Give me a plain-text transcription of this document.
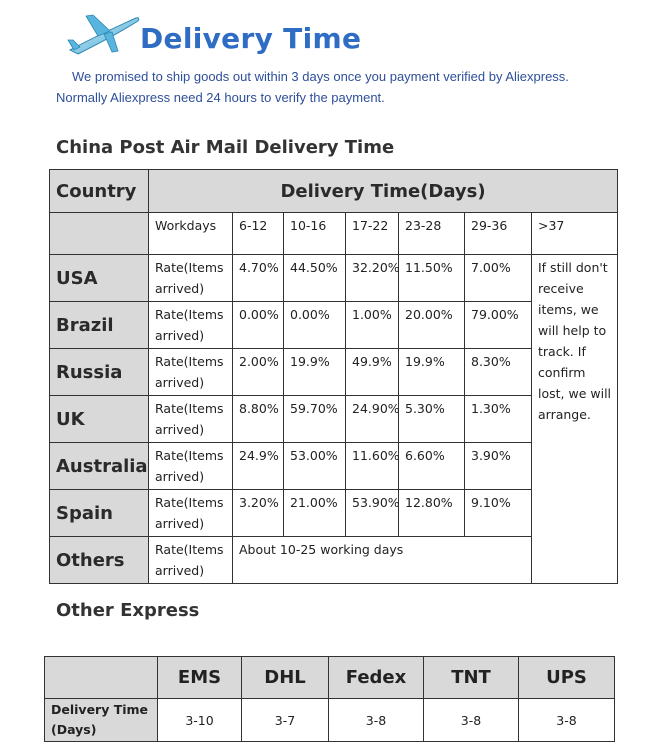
Delivery Time
We promised to ship goods out within 3 days once you payment verified by Aliexpress.
Normally Aliexpress need 24 hours to verify the payment.
China Post Air Mail Delivery Time
Country	Delivery Time(Days)						
	Workdays	6-12	10-16	17-22	23-28	29-36	>37
USA	Rate(Items arrived)	4.70%	44.50%	32.20%	11.50%	7.00%	If still don't receive items, we will help to track. If confirm lost, we will arrange.
Brazil	Rate(Items arrived)	0.00%	0.00%	1.00%	20.00%	79.00%	
Russia	Rate(Items arrived)	2.00%	19.9%	49.9%	19.9%	8.30%	
UK	Rate(Items arrived)	8.80%	59.70%	24.90%	5.30%	1.30%	
Australia	Rate(Items arrived)	24.9%	53.00%	11.60%	6.60%	3.90%	
Spain	Rate(Items arrived)	3.20%	21.00%	53.90%	12.80%	9.10%	
Others	Rate(Items arrived)	About 10-25 working days					
Other Express
	EMS	DHL	Fedex	TNT	UPS
Delivery Time (Days)	3-10	3-7	3-8	3-8	3-8
